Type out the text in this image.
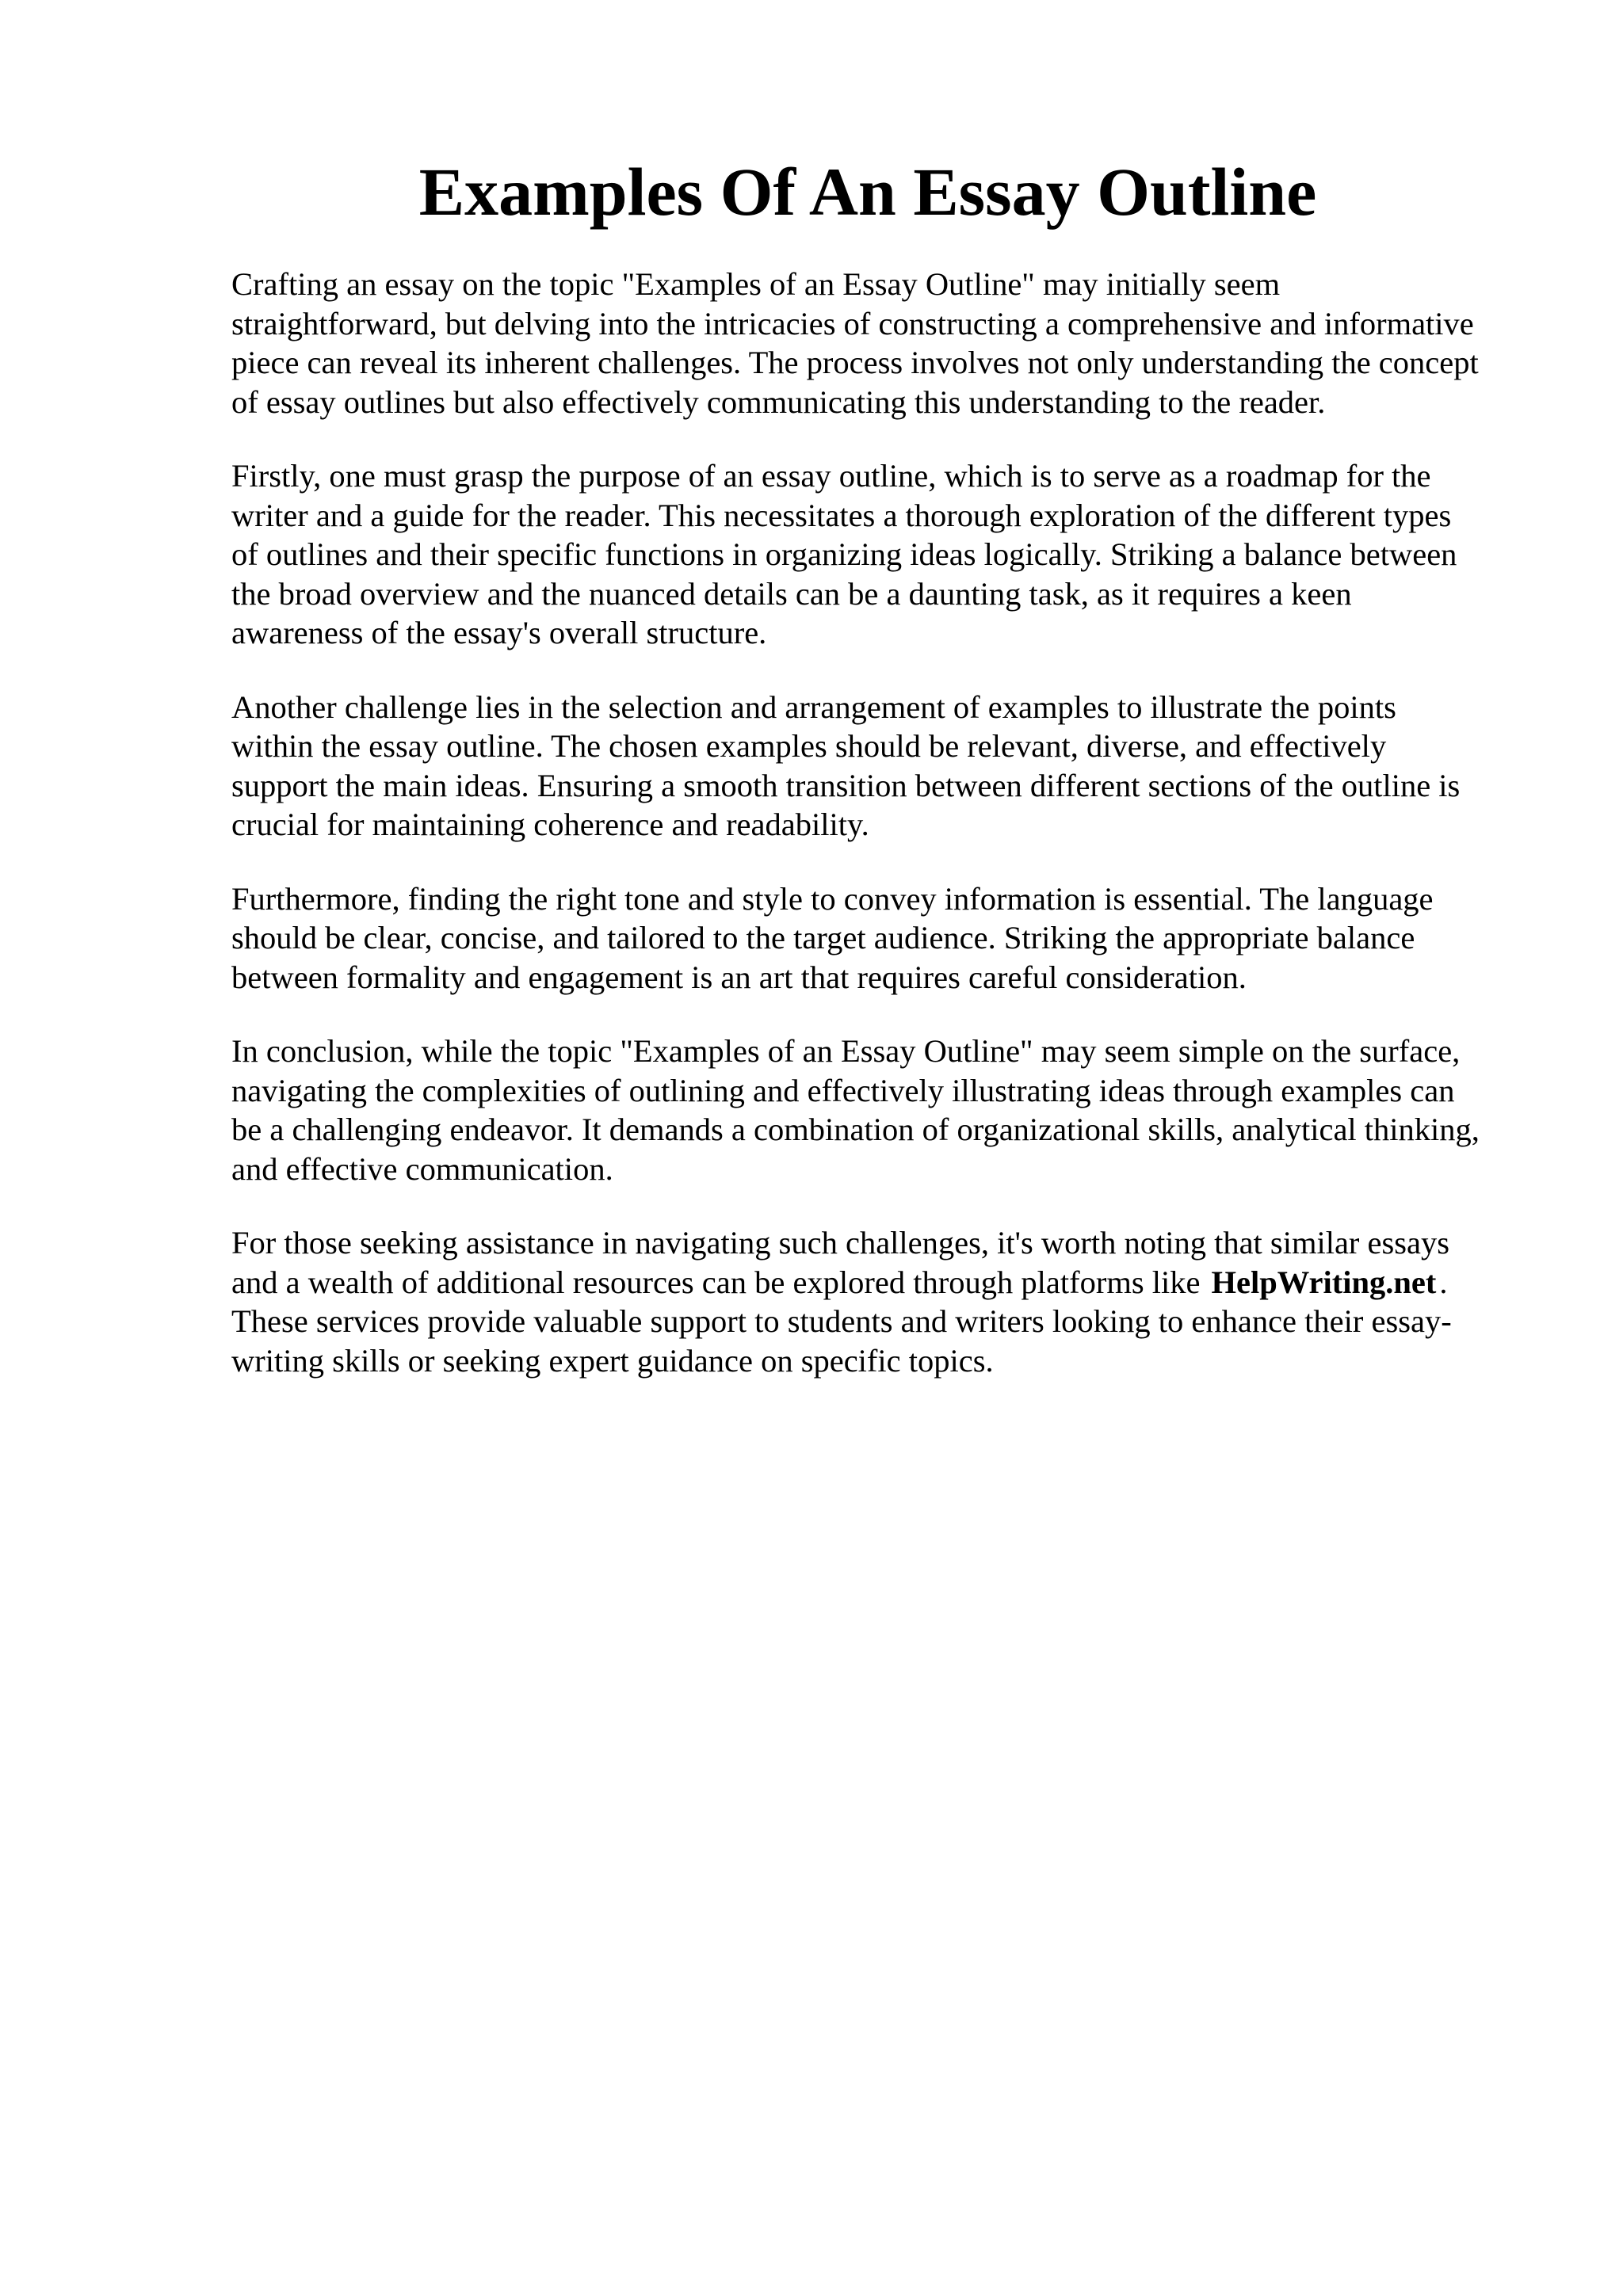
Examples Of An Essay Outline

Crafting an essay on the topic "Examples of an Essay Outline" may initially seem
straightforward, but delving into the intricacies of constructing a comprehensive and informative
piece can reveal its inherent challenges. The process involves not only understanding the concept
of essay outlines but also effectively communicating this understanding to the reader.

Firstly, one must grasp the purpose of an essay outline, which is to serve as a roadmap for the
writer and a guide for the reader. This necessitates a thorough exploration of the different types
of outlines and their specific functions in organizing ideas logically. Striking a balance between
the broad overview and the nuanced details can be a daunting task, as it requires a keen
awareness of the essay's overall structure.

Another challenge lies in the selection and arrangement of examples to illustrate the points
within the essay outline. The chosen examples should be relevant, diverse, and effectively
support the main ideas. Ensuring a smooth transition between different sections of the outline is
crucial for maintaining coherence and readability.

Furthermore, finding the right tone and style to convey information is essential. The language
should be clear, concise, and tailored to the target audience. Striking the appropriate balance
between formality and engagement is an art that requires careful consideration.

In conclusion, while the topic "Examples of an Essay Outline" may seem simple on the surface,
navigating the complexities of outlining and effectively illustrating ideas through examples can
be a challenging endeavor. It demands a combination of organizational skills, analytical thinking,
and effective communication.

For those seeking assistance in navigating such challenges, it's worth noting that similar essays
and a wealth of additional resources can be explored through platforms like HelpWriting.net.
These services provide valuable support to students and writers looking to enhance their essay-
writing skills or seeking expert guidance on specific topics.
